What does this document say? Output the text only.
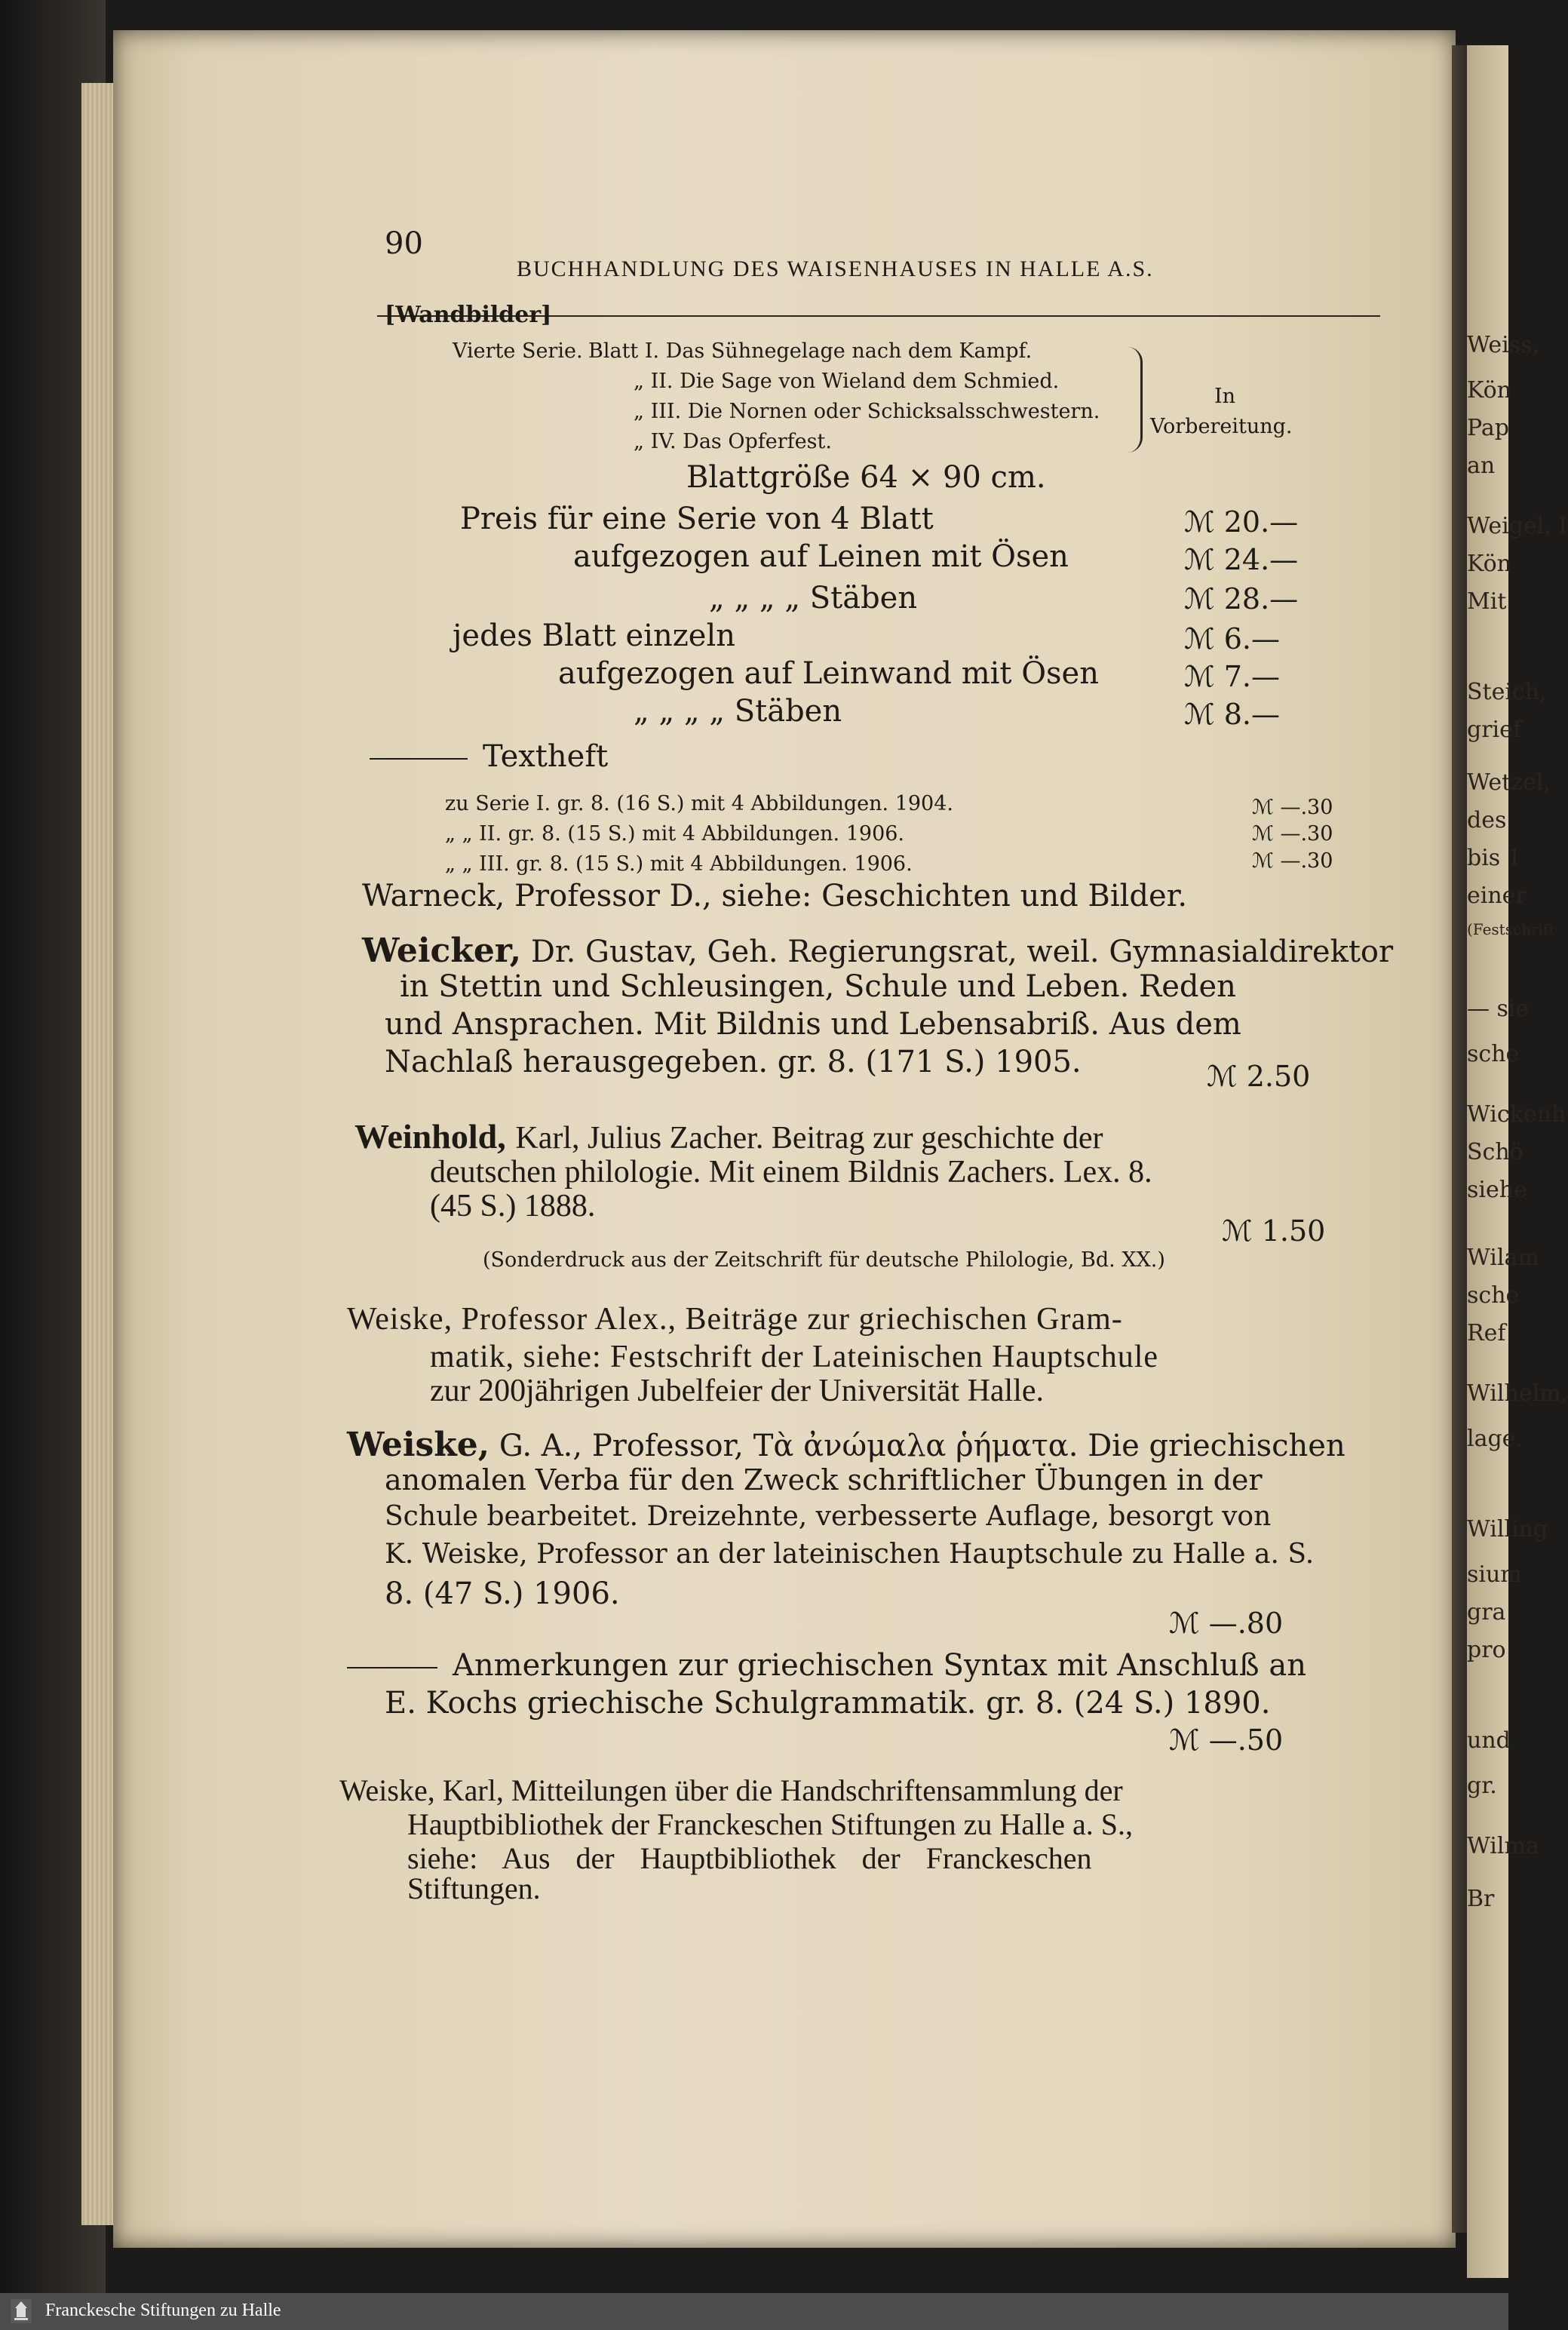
Weiss,
Kön
Pap
an
Weigel, I
Kön
Mit
Steich,
grief
Wetzel,
des
bis 1
einer
(Festschrift
— sie
sche
Wickenh
Schö
siehe
Wilam
sche
Ref
Wilhelm,
lage.
Willing
sium
gra
pro
und
gr.
Wilma
Br
90
BUCHHANDLUNG DES WAISENHAUSES IN HALLE A.S.
[Wandbilder]
Vierte Serie. Blatt I. Das Sühnegelage nach dem Kampf.
„ II. Die Sage von Wieland dem Schmied.
„ III. Die Nornen oder Schicksalsschwestern.
„ IV. Das Opferfest.
In
Vorbereitung.
Blattgröße 64 × 90 cm.
Preis für eine Serie von 4 Blatt	ℳ 20.—
aufgezogen auf Leinen mit Ösen	ℳ 24.—
„ „ „ „ Stäben	ℳ 28.—
jedes Blatt einzeln	ℳ 6.—
aufgezogen auf Leinwand mit Ösen	ℳ 7.—
„ „ „ „ Stäben	ℳ 8.—
Textheft
zu Serie I. gr. 8. (16 S.) mit 4 Abbildungen. 1904.	ℳ —.30
„ „ II. gr. 8. (15 S.) mit 4 Abbildungen. 1906.	ℳ —.30
„ „ III. gr. 8. (15 S.) mit 4 Abbildungen. 1906.	ℳ —.30
Warneck, Professor D., siehe: Geschichten und Bilder.
Weicker, Dr. Gustav, Geh. Regierungsrat, weil. Gymnasialdirektor
in Stettin und Schleusingen, Schule und Leben. Reden
und Ansprachen. Mit Bildnis und Lebensabriß. Aus dem
Nachlaß herausgegeben. gr. 8. (171 S.) 1905.	ℳ 2.50
Weinhold, Karl, Julius Zacher. Beitrag zur geschichte der
deutschen philologie. Mit einem Bildnis Zachers. Lex. 8.
(45 S.) 1888.
ℳ 1.50
(Sonderdruck aus der Zeitschrift für deutsche Philologie, Bd. XX.)
Weiske, Professor Alex., Beiträge zur griechischen Gram-
matik, siehe: Festschrift der Lateinischen Hauptschule
zur 200jährigen Jubelfeier der Universität Halle.
Weiske, G. A., Professor, Τὰ ἀνώμαλα ῥήματα. Die griechischen
anomalen Verba für den Zweck schriftlicher Übungen in der
Schule bearbeitet. Dreizehnte, verbesserte Auflage, besorgt von
K. Weiske, Professor an der lateinischen Hauptschule zu Halle a. S.
8. (47 S.) 1906.
ℳ —.80
Anmerkungen zur griechischen Syntax mit Anschluß an
E. Kochs griechische Schulgrammatik. gr. 8. (24 S.) 1890.
ℳ —.50
Weiske, Karl, Mitteilungen über die Handschriftensammlung der
Hauptbibliothek der Franckeschen Stiftungen zu Halle a. S.,
siehe: Aus der Hauptbibliothek der Franckeschen
Stiftungen.
Franckesche Stiftungen zu Halle
